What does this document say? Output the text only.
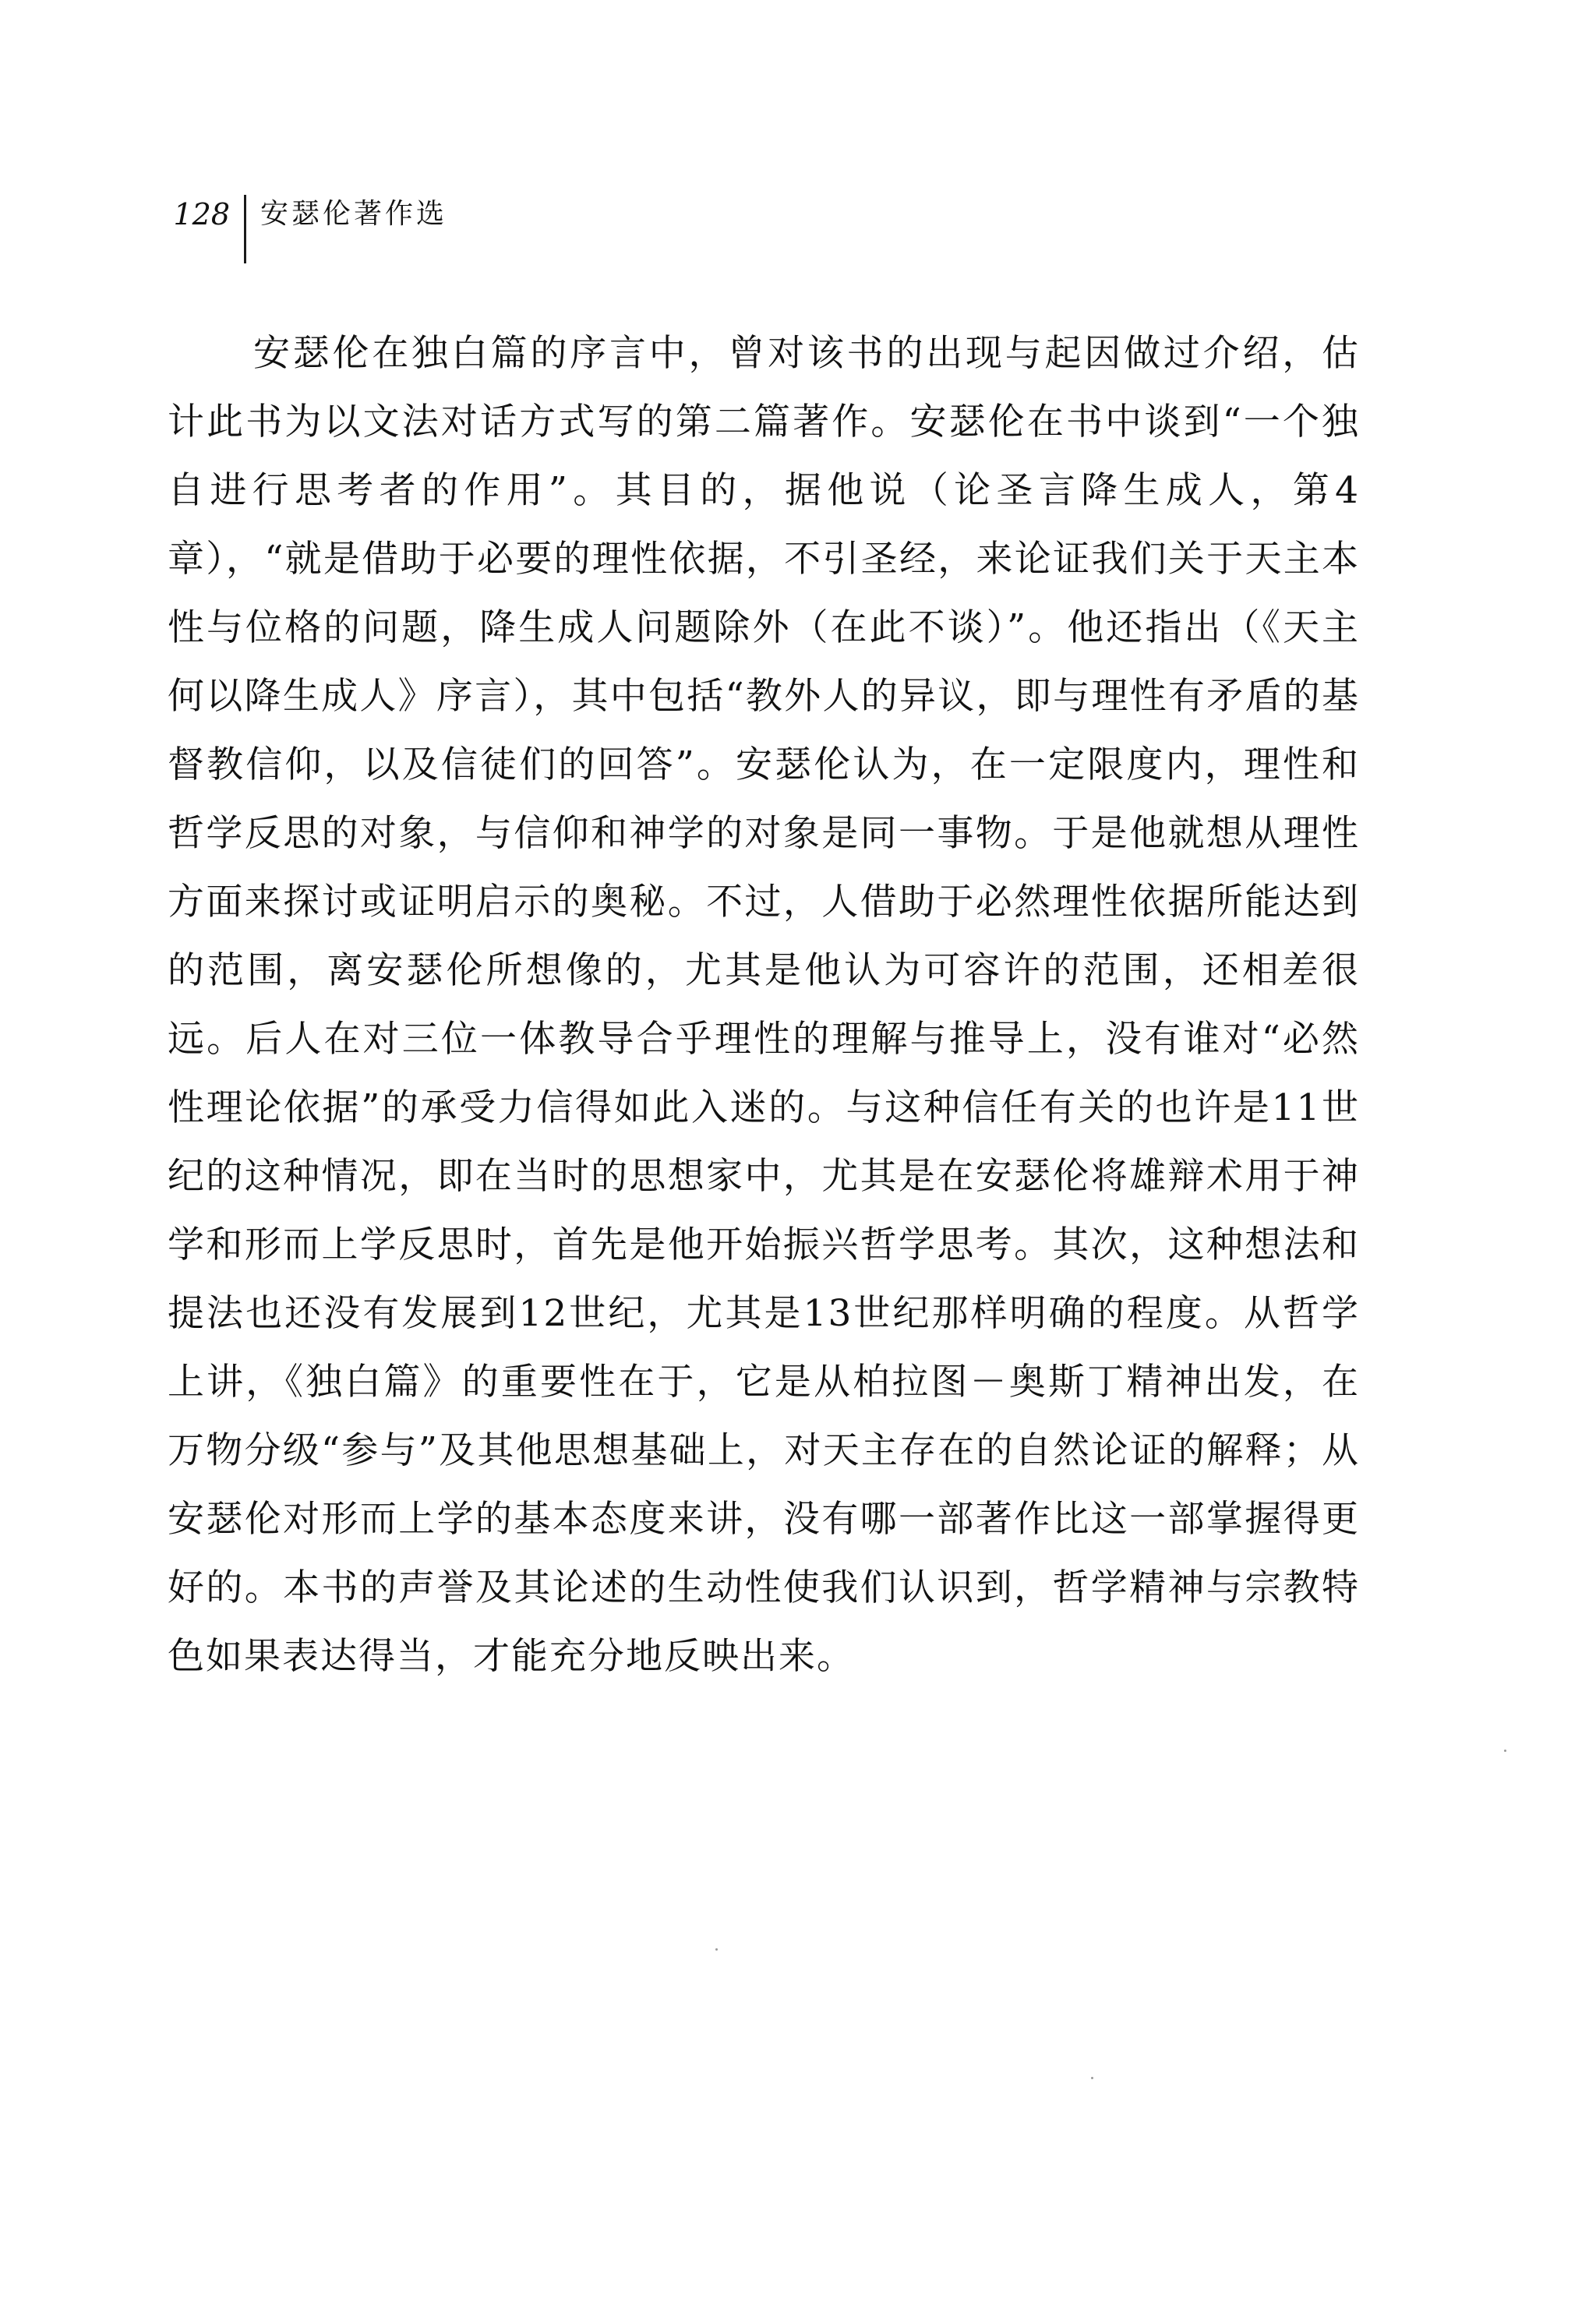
128	安瑟伦著作选

安瑟伦在独白篇的序言中，曾对该书的出现与起因做过介绍，估计此书为以文法对话方式写的第二篇著作。安瑟伦在书中谈到“一个独自进行思考者的作用”。其目的，据他说（论圣言降生成人，第4章），“就是借助于必要的理性依据，不引圣经，来论证我们关于天主本性与位格的问题，降生成人问题除外（在此不谈）”。他还指出（《天主何以降生成人》序言），其中包括“教外人的异议，即与理性有矛盾的基督教信仰，以及信徒们的回答”。安瑟伦认为，在一定限度内，理性和哲学反思的对象，与信仰和神学的对象是同一事物。于是他就想从理性方面来探讨或证明启示的奥秘。不过，人借助于必然理性依据所能达到的范围，离安瑟伦所想像的，尤其是他认为可容许的范围，还相差很远。后人在对三位一体教导合乎理性的理解与推导上，没有谁对“必然性理论依据”的承受力信得如此入迷的。与这种信任有关的也许是11世纪的这种情况，即在当时的思想家中，尤其是在安瑟伦将雄辩术用于神学和形而上学反思时，首先是他开始振兴哲学思考。其次，这种想法和提法也还没有发展到12世纪，尤其是13世纪那样明确的程度。从哲学上讲，《独白篇》的重要性在于，它是从柏拉图－奥斯丁精神出发，在万物分级“参与”及其他思想基础上，对天主存在的自然论证的解释；从安瑟伦对形而上学的基本态度来讲，没有哪一部著作比这一部掌握得更好的。本书的声誉及其论述的生动性使我们认识到，哲学精神与宗教特色如果表达得当，才能充分地反映出来。
